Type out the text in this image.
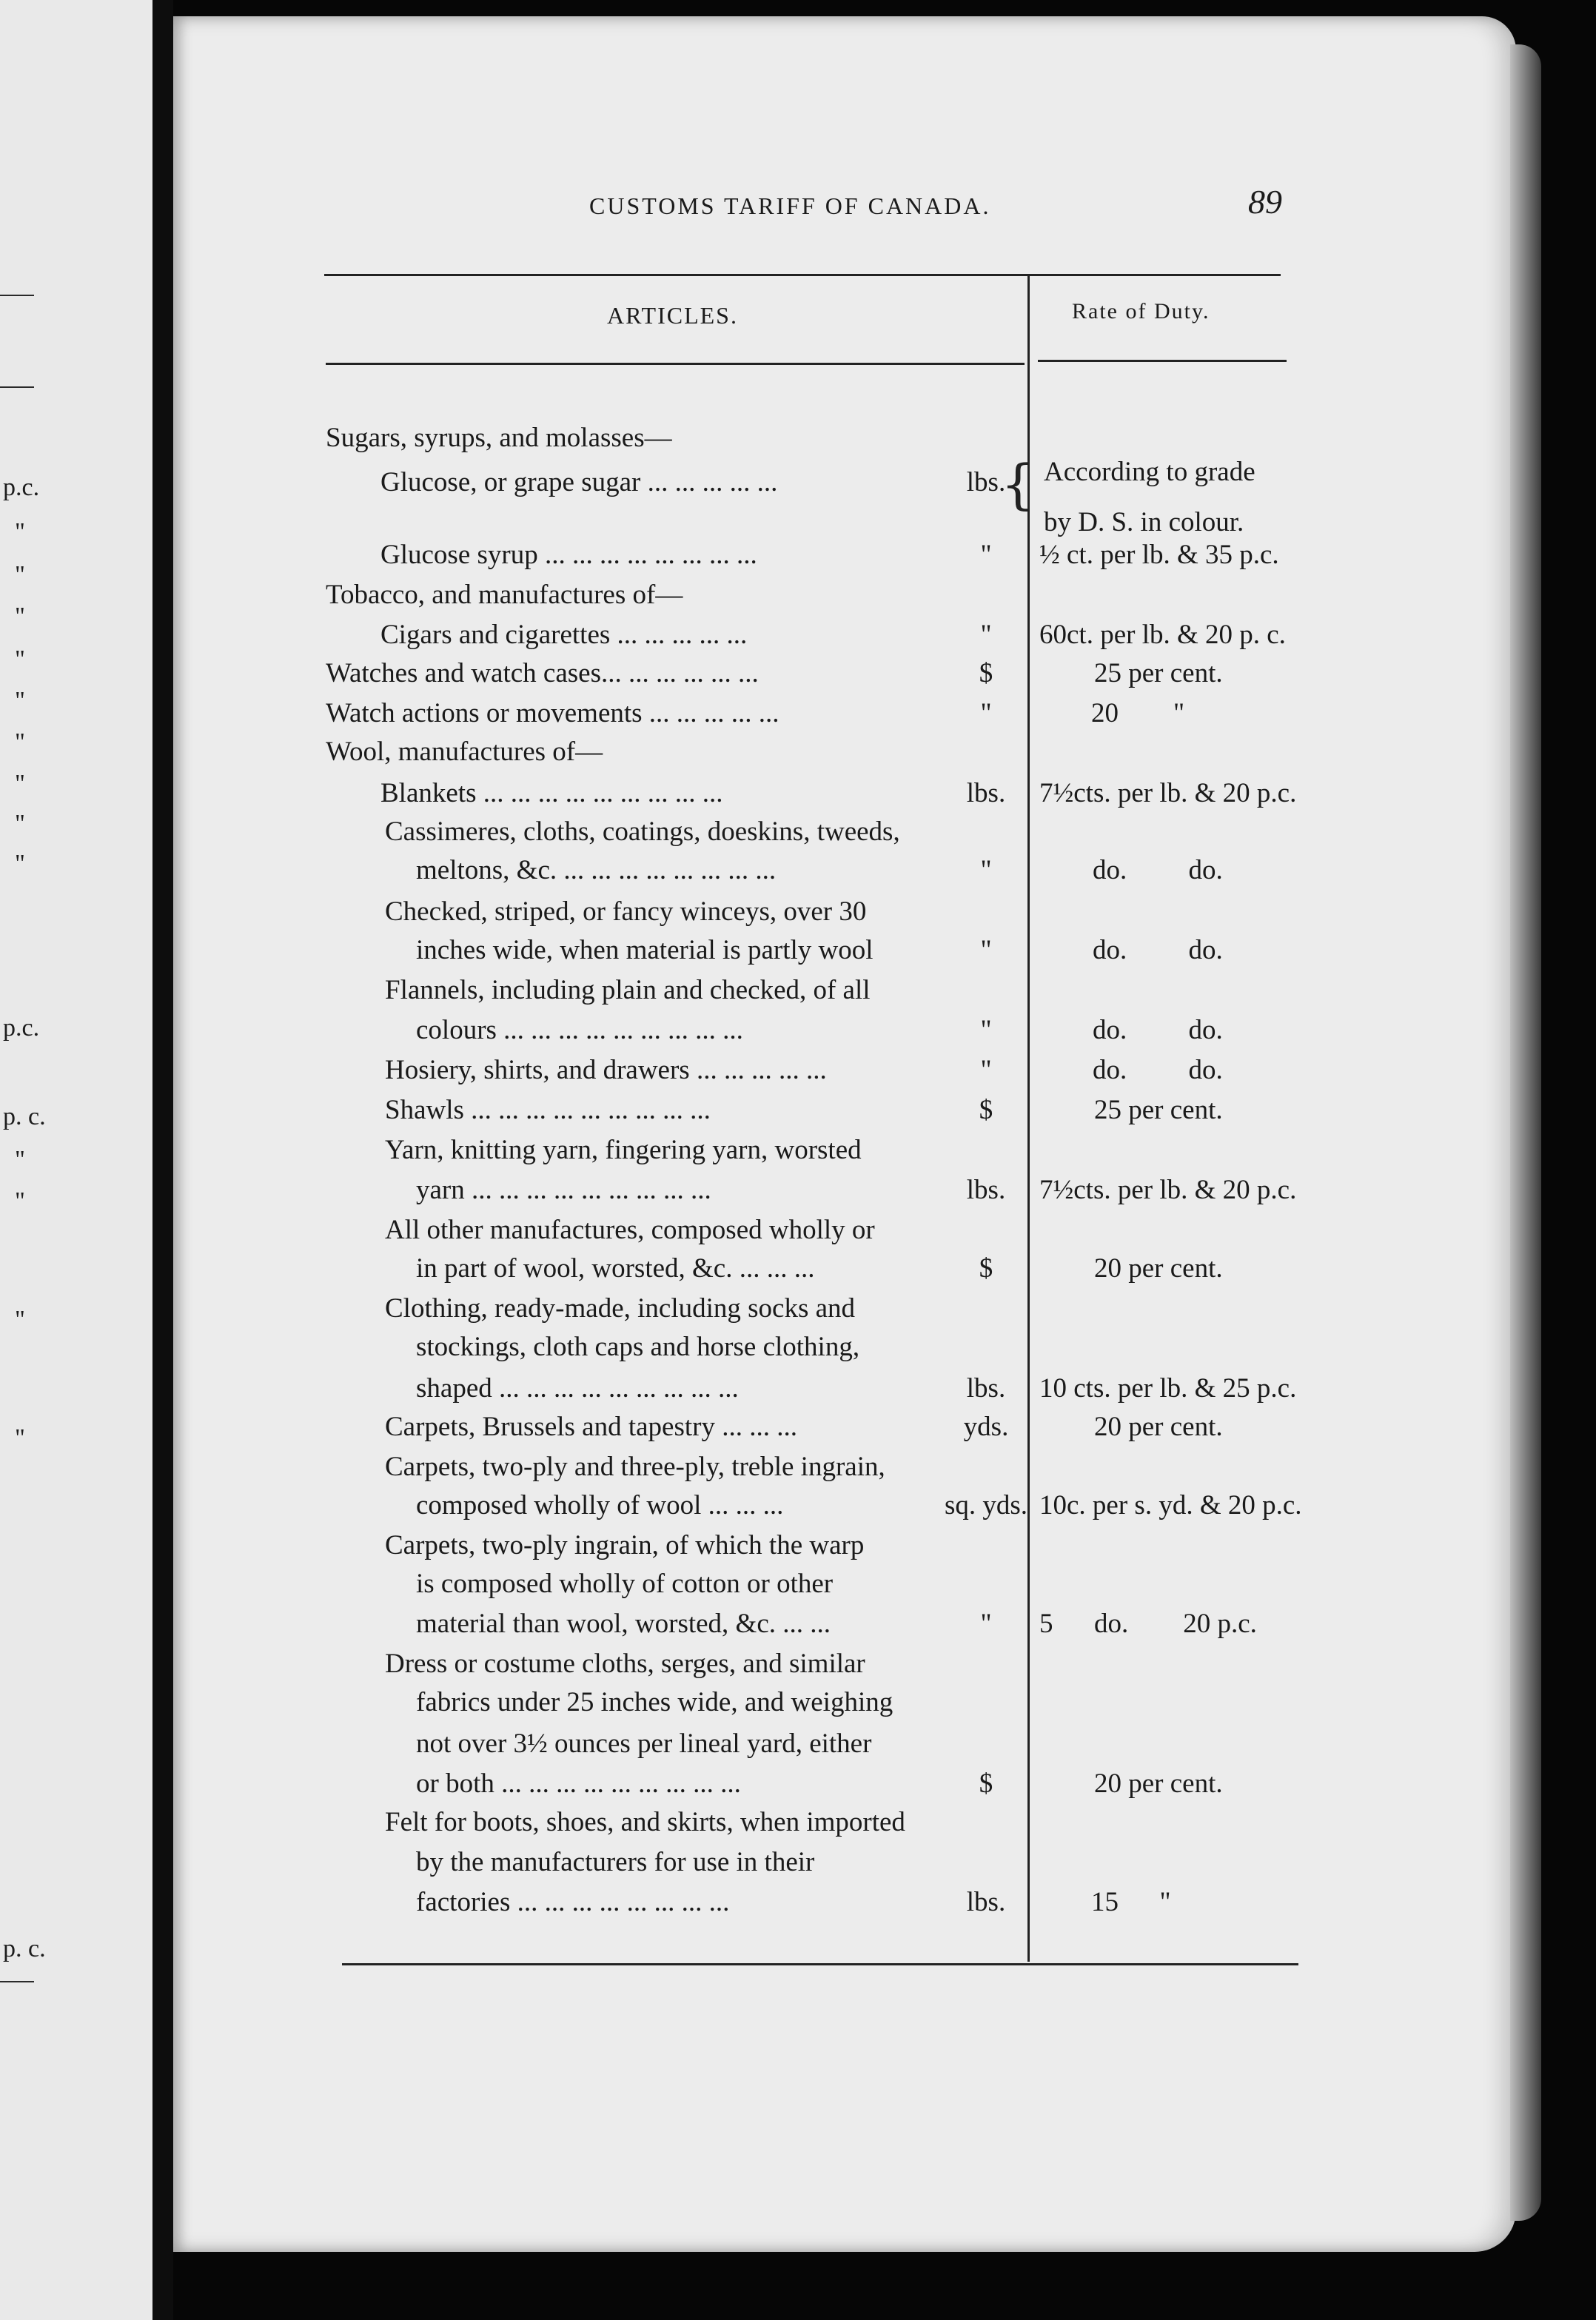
p.c.
"
"
"
"
"
"
"
"
"
p.c.
p. c.
"
"
"
"
p. c.
CUSTOMS TARIFF OF CANADA.	89
ARTICLES.	Rate of Duty.
{
Sugars, syrups, and molasses—
Glucose, or grape sugar ... ... ... ... ...	lbs.	According to grade
by D. S. in colour.
Glucose syrup ... ... ... ... ... ... ... ...	"	½ ct. per lb. & 35 p.c.
Tobacco, and manufactures of—
Cigars and cigarettes ... ... ... ... ...	"	60ct. per lb. & 20 p. c.
Watches and watch cases... ... ... ... ... ...	$	25 per cent.
Watch actions or movements ... ... ... ... ...	"	20        "
Wool, manufactures of—
Blankets ... ... ... ... ... ... ... ... ...	lbs.	7½cts. per lb. & 20 p.c.
Cassimeres, cloths, coatings, doeskins, tweeds,
meltons, &c. ... ... ... ... ... ... ... ...	"	do.         do.
Checked, striped, or fancy winceys, over 30
inches wide, when material is partly wool	"	do.         do.
Flannels, including plain and checked, of all
colours ... ... ... ... ... ... ... ... ...	"	do.         do.
Hosiery, shirts, and drawers ... ... ... ... ...	"	do.         do.
Shawls ... ... ... ... ... ... ... ... ...	$	25 per cent.
Yarn, knitting yarn, fingering yarn, worsted
yarn ... ... ... ... ... ... ... ... ...	lbs.	7½cts. per lb. & 20 p.c.
All other manufactures, composed wholly or
in part of wool, worsted, &c. ... ... ...	$	20 per cent.
Clothing, ready-made, including socks and
stockings, cloth caps and horse clothing,
shaped ... ... ... ... ... ... ... ... ...	lbs.	10 cts. per lb. & 25 p.c.
Carpets, Brussels and tapestry ... ... ...	yds.	20 per cent.
Carpets, two-ply and three-ply, treble ingrain,
composed wholly of wool ... ... ...	sq. yds. 10c. per s. yd. & 20 p.c.
Carpets, two-ply ingrain, of which the warp
is composed wholly of cotton or other
material than wool, worsted, &c. ... ...	"	5      do.        20 p.c.
Dress or costume cloths, serges, and similar
fabrics under 25 inches wide, and weighing
not over 3½ ounces per lineal yard, either
or both ... ... ... ... ... ... ... ... ...	$	20 per cent.
Felt for boots, shoes, and skirts, when imported
by the manufacturers for use in their
factories ... ... ... ... ... ... ... ...	lbs.	15      "
